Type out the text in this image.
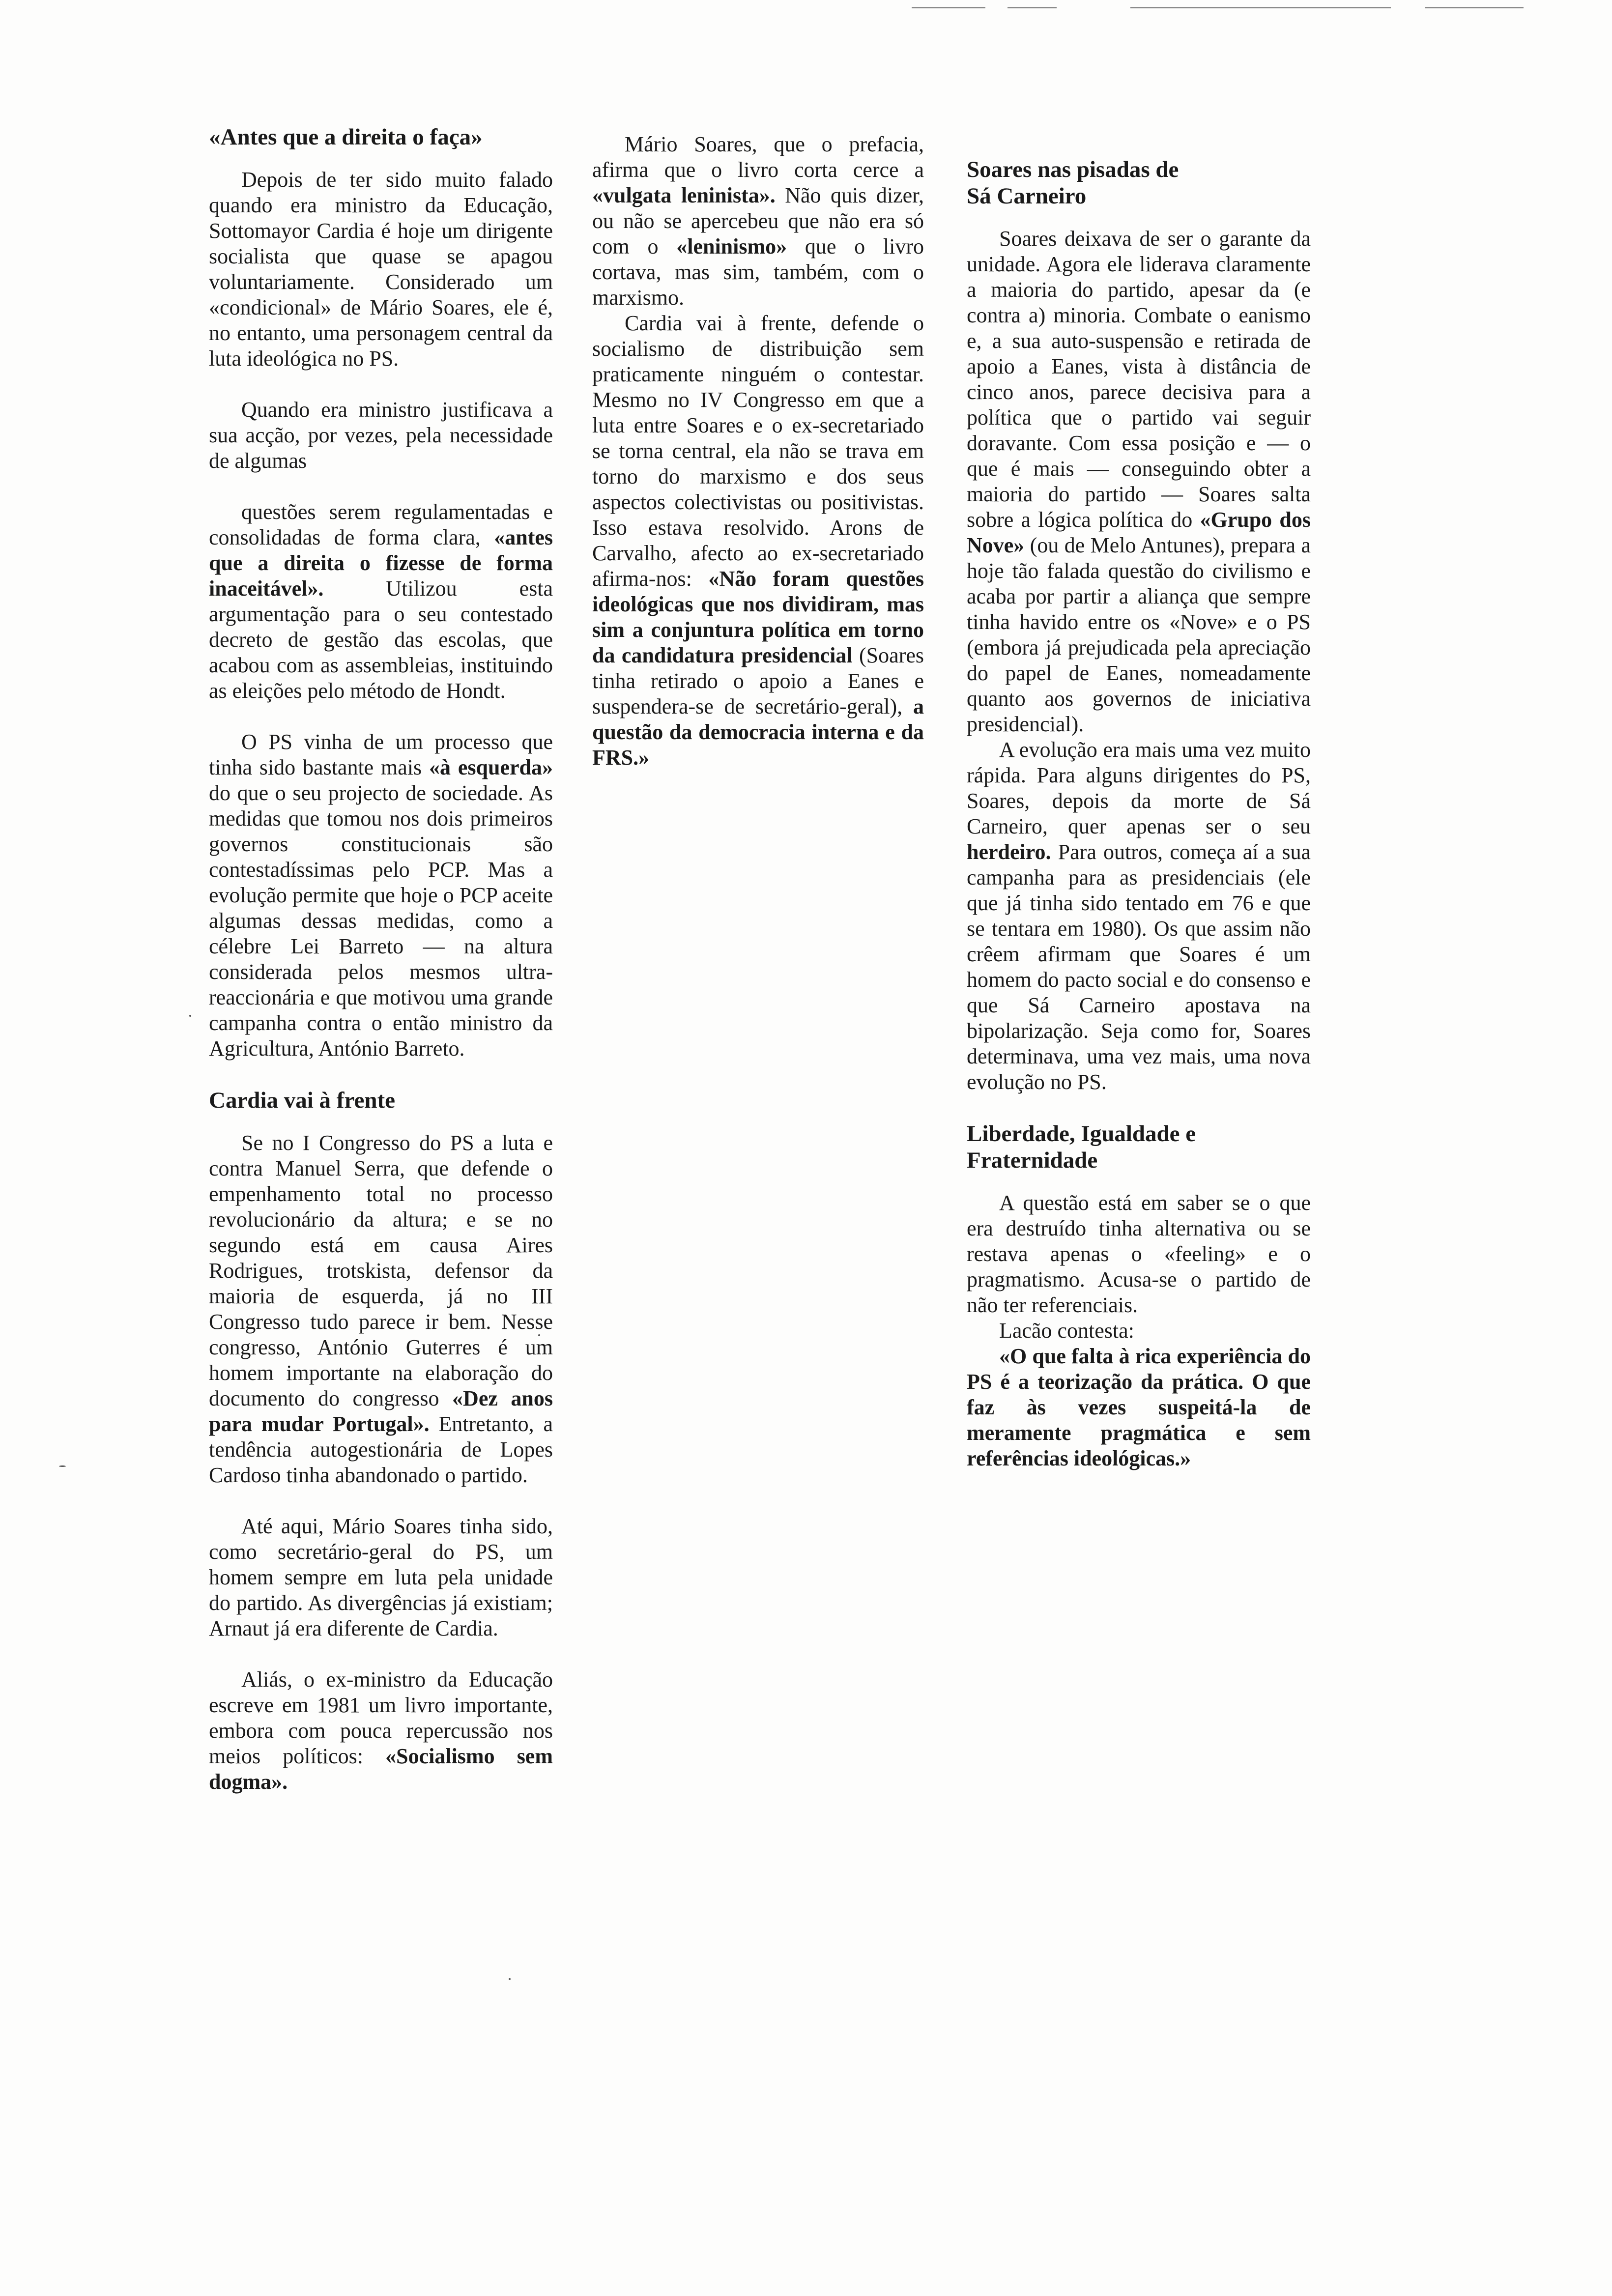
«Antes que a direita o faça»

Depois de ter sido muito falado quando era ministro da Educação, Sottomayor Cardia é hoje um dirigente socialista que quase se apagou voluntariamente. Considerado um «condicional» de Mário Soares, ele é, no entanto, uma personagem central da luta ideológica no PS.

Quando era ministro justificava a sua acção, por vezes, pela necessidade de algumas

questões serem regulamentadas e consolidadas de forma clara, «antes que a direita o fizesse de forma inaceitável».	Utilizou esta argumentação para o seu contestado decreto de gestão das escolas, que acabou com as assembleias, instituindo as eleições pelo método de Hondt.

O PS vinha de um processo que tinha sido bastante mais «à esquerda» do que o seu projecto de sociedade. As medidas que tomou nos dois primeiros governos constitucionais são contestadíssimas pelo PCP. Mas a evolução permite que hoje o PCP aceite algumas dessas medidas, como a célebre Lei Barreto — na altura considerada pelos mesmos ultra-reaccionária e que motivou uma grande campanha contra o então ministro da Agricultura, António Barreto.

Cardia vai à frente

Se no I Congresso do PS a luta e contra Manuel Serra, que defende o empenhamento total no processo revolucionário da altura; e se no segundo está em causa Aires Rodrigues, trotskista, defensor da maioria de esquerda, já no III Congresso tudo parece ir bem. Nesse congresso, António Guterres é um homem importante na elaboração do documento do congresso «Dez anos para mudar Portugal». Entretanto, a tendência autogestionária de Lopes Cardoso tinha abandonado o partido.

Até aqui, Mário Soares tinha sido, como secretário-geral do PS, um homem sempre em luta pela unidade do partido. As divergências já existiam; Arnaut já era diferente de Cardia.

Aliás, o ex-ministro da Educação escreve em 1981 um livro importante, embora com pouca repercussão nos meios políticos: «Socialismo sem dogma».

Mário Soares, que o prefacia, afirma que o livro corta cerce a «vulgata leninista». Não quis dizer, ou não se apercebeu que não era só com o «leninismo» que o livro cortava, mas sim, também, com o marxismo.

Cardia vai à frente, defende o socialismo de distribuição sem praticamente ninguém o contestar. Mesmo no IV Congresso em que a luta entre Soares e o ex-secretariado se torna central, ela não se trava em torno do marxismo e dos seus aspectos colectivistas ou positivistas. Isso estava resolvido. Arons de Carvalho, afecto ao ex-secretariado afirma-nos: «Não foram questões ideológicas que nos dividiram, mas sim a conjuntura política em torno da candidatura presidencial (Soares tinha retirado o apoio a Eanes e suspendera-se de secretário-geral), a questão da democracia interna e da FRS.»

Soares nas pisadas de Sá Carneiro

Soares deixava de ser o garante da unidade. Agora ele liderava claramente a maioria do partido, apesar da (e contra a) minoria. Combate o eanismo e, a sua auto-suspensão e retirada de apoio a Eanes, vista à distância de cinco anos, parece decisiva para a política que o partido vai seguir doravante. Com essa posição e — o que é mais — conseguindo obter a maioria do partido — Soares salta sobre a lógica política do «Grupo dos Nove» (ou de Melo Antunes), prepara a hoje tão falada questão do civilismo e acaba por partir a aliança que sempre tinha havido entre os «Nove» e o PS (embora já prejudicada pela apreciação do papel de Eanes, nomeadamente quanto aos governos de iniciativa presidencial).

A evolução era mais uma vez muito rápida. Para alguns dirigentes do PS, Soares, depois da morte de Sá Carneiro, quer apenas ser o seu herdeiro. Para outros, começa aí a sua campanha para as presidenciais (ele que já tinha sido tentado em 76 e que se tentara em 1980). Os que assim não crêem afirmam que Soares é um homem do pacto social e do consenso e que Sá Carneiro apostava na bipolarização. Seja como for, Soares determinava, uma vez mais, uma nova evolução no PS.

Liberdade, Igualdade e Fraternidade

A questão está em saber se o que era destruído tinha alternativa ou se restava apenas o «feeling» e o pragmatismo. Acusa-se o partido de não ter referenciais.

Lacão contesta:

«O que falta à rica experiência do PS é a teorização da prática. O que faz às vezes suspeitá-la de meramente pragmática e sem referências ideológicas.»
